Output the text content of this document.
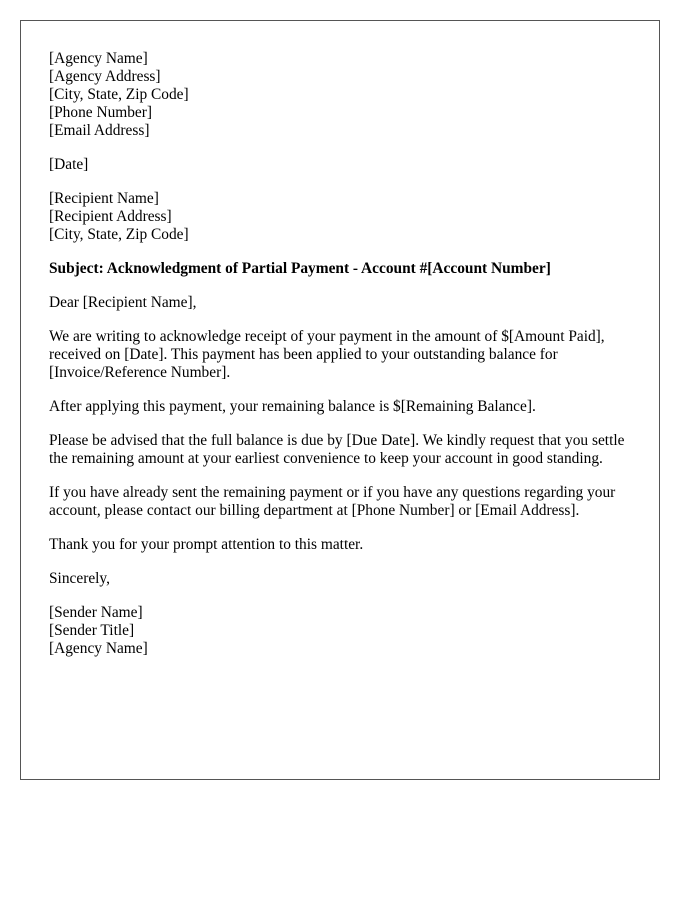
[Agency Name]
[Agency Address]
[City, State, Zip Code]
[Phone Number]
[Email Address]
[Date]
[Recipient Name]
[Recipient Address]
[City, State, Zip Code]

Subject: Acknowledgment of Partial Payment - Account #[Account Number]

Dear [Recipient Name],

We are writing to acknowledge receipt of your payment in the amount of $[Amount Paid], received on [Date]. This payment has been applied to your outstanding balance for [Invoice/Reference Number].

After applying this payment, your remaining balance is $[Remaining Balance].

Please be advised that the full balance is due by [Due Date]. We kindly request that you settle the remaining amount at your earliest convenience to keep your account in good standing.

If you have already sent the remaining payment or if you have any questions regarding your account, please contact our billing department at [Phone Number] or [Email Address].

Thank you for your prompt attention to this matter.

Sincerely,

[Sender Name]
[Sender Title]
[Agency Name]
